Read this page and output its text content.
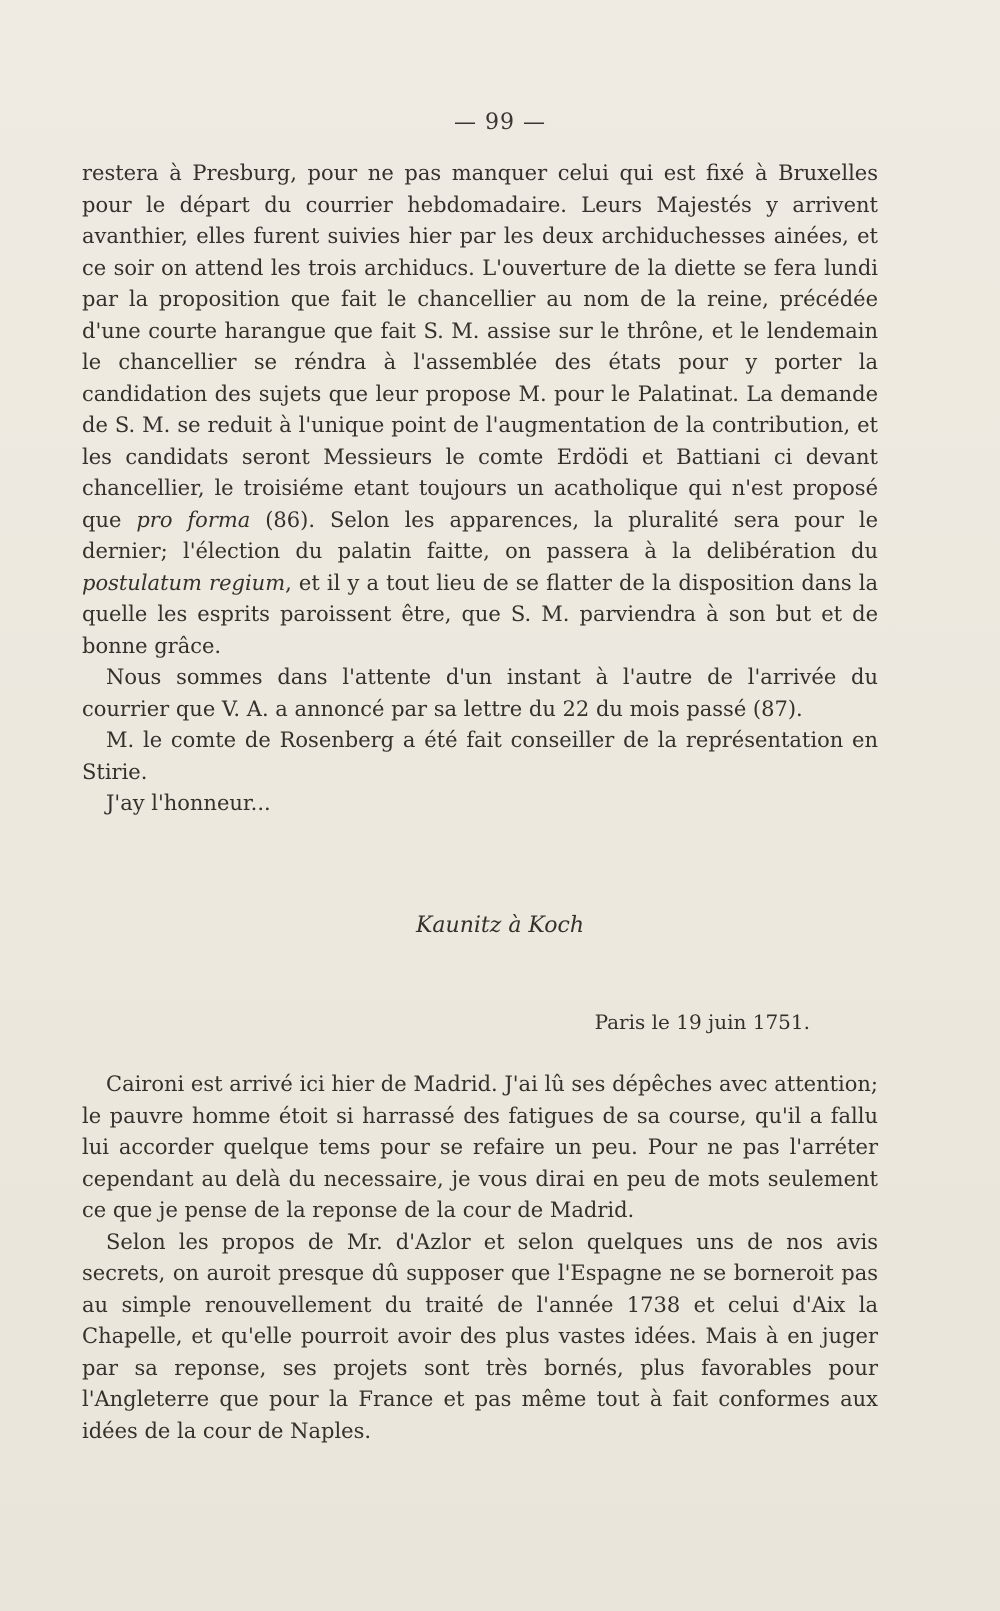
— 99 —

restera à Presburg, pour ne pas manquer celui qui est fixé à Bruxelles pour le départ du courrier hebdomadaire. Leurs Majestés y arrivent avanthier, elles furent suivies hier par les deux archiduchesses ainées, et ce soir on attend les trois archiducs. L'ouverture de la diette se fera lundi par la proposition que fait le chancellier au nom de la reine, précédée d'une courte harangue que fait S. M. assise sur le thrône, et le lendemain le chancellier se réndra à l'assemblée des états pour y porter la candidation des sujets que leur propose M. pour le Palatinat. La demande de S. M. se reduit à l'unique point de l'augmentation de la contribution, et les candidats seront Messieurs le comte Erdödi et Battiani ci devant chancellier, le troisiéme etant toujours un acatholique qui n'est proposé que pro forma (86). Selon les apparences, la pluralité sera pour le dernier; l'élection du palatin faitte, on passera à la delibération du postulatum regium, et il y a tout lieu de se flatter de la disposition dans la quelle les esprits paroissent être, que S. M. parviendra à son but et de bonne grâce.

Nous sommes dans l'attente d'un instant à l'autre de l'arrivée du courrier que V. A. a annoncé par sa lettre du 22 du mois passé (87).

M. le comte de Rosenberg a été fait conseiller de la représentation en Stirie.

J'ay l'honneur...

Kaunitz à Koch
Paris le 19 juin 1751.

Caironi est arrivé ici hier de Madrid. J'ai lû ses dépêches avec attention; le pauvre homme étoit si harrassé des fatigues de sa course, qu'il a fallu lui accorder quelque tems pour se refaire un peu. Pour ne pas l'arréter cependant au delà du necessaire, je vous dirai en peu de mots seulement ce que je pense de la reponse de la cour de Madrid.

Selon les propos de Mr. d'Azlor et selon quelques uns de nos avis secrets, on auroit presque dû supposer que l'Espagne ne se borneroit pas au simple renouvellement du traité de l'année 1738 et celui d'Aix la Chapelle, et qu'elle pourroit avoir des plus vastes idées. Mais à en juger par sa reponse, ses projets sont très bornés, plus favorables pour l'Angleterre que pour la France et pas même tout à fait conformes aux idées de la cour de Naples.
